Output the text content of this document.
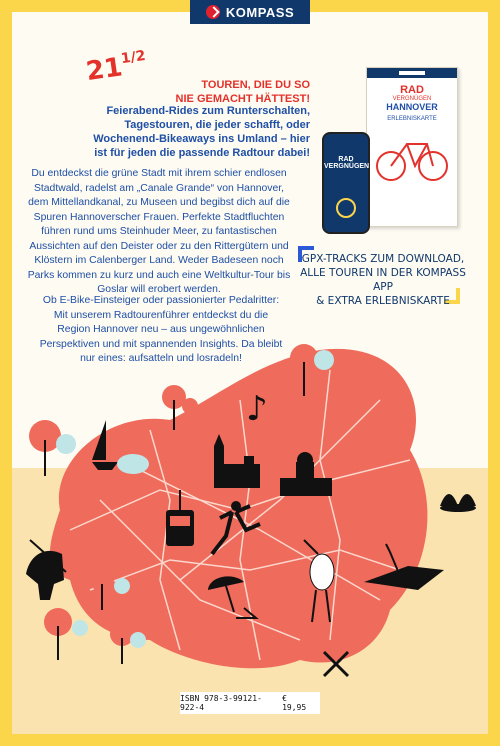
KOMPASS
$21^{1/2}$
TOUREN, DIE DU SO
NIE GEMACHT HÄTTEST!
Feierabend-Rides zum Runterschalten,
Tagestouren, die jeder schafft, oder
Wochenend-Bikeaways ins Umland – hier
ist für jeden die passende Radtour dabei!

Du entdeckst die grüne Stadt mit ihrem schier endlosen Stadtwald, radelst am „Canale Grande“ von Hannover, dem Mittellandkanal, zu Museen und begibst dich auf die Spuren Hannoverscher Frauen. Perfekte Stadtfluchten führen rund ums Steinhuder Meer, zu fantastischen Aussichten auf den Deister oder zu den Rittergütern und Klöstern im Calenberger Land. Weder Badeseen noch Parks kommen zu kurz und auch eine Weltkultur-Tour bis Goslar will erobert werden.

Ob E-Bike-Einsteiger oder passionierter Pedalritter: Mit unserem Radtourenführer entdeckst du die Region Hannover neu – aus ungewöhnlichen Perspektiven und mit spannenden Insights. Da bleibt nur eines: aufsatteln und losradeln!

RAD
VERGNÜGEN
HANNOVER
ERLEBNISKARTE
RAD VERGNÜGEN
GPX-TRACKS ZUM DOWNLOAD,
ALLE TOUREN IN DER KOMPASS APP
& EXTRA ERLEBNISKARTE
♪
ISBN 978-3-99121-922-4
€ 19,95
